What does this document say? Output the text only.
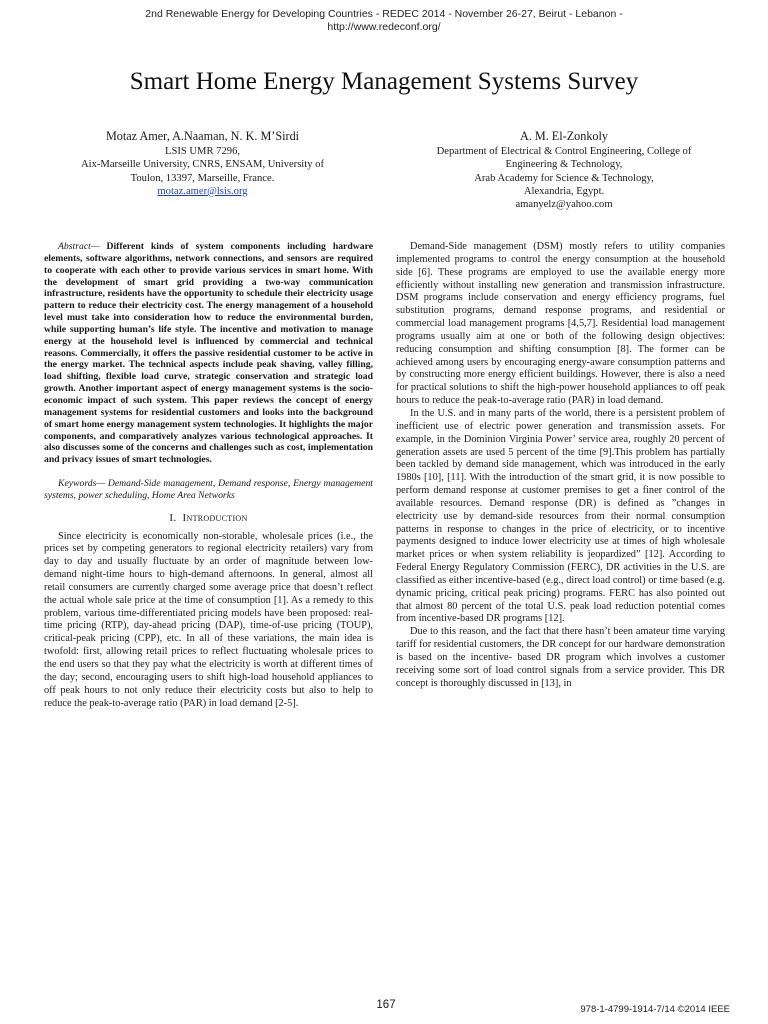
2nd Renewable Energy for Developing Countries - REDEC 2014 - November 26-27, Beirut - Lebanon -
http://www.redeconf.org/
Smart Home Energy Management Systems Survey
Motaz Amer, A.Naaman, N. K. M’Sirdi
LSIS UMR 7296,
Aix-Marseille University, CNRS, ENSAM, University of
Toulon, 13397, Marseille, France.
motaz.amer@lsis.org
A. M. El-Zonkoly
Department of Electrical & Control Engineering, College of
Engineering & Technology,
Arab Academy for Science & Technology,
Alexandria, Egypt.
amanyelz@yahoo.com

Abstract— Different kinds of system components including hardware elements, software algorithms, network connections, and sensors are required to cooperate with each other to provide various services in smart home. With the development of smart grid providing a two-way communication infrastructure, residents have the opportunity to schedule their electricity usage pattern to reduce their electricity cost. The energy management of a household level must take into consideration how to reduce the environmental burden, while supporting human’s life style. The incentive and motivation to manage energy at the household level is influenced by commercial and technical reasons. Commercially, it offers the passive residential customer to be active in the energy market. The technical aspects include peak shaving, valley filling, load shifting, flexible load curve, strategic conservation and strategic load growth. Another important aspect of energy management systems is the socio-economic impact of such system. This paper reviews the concept of energy management systems for residential customers and looks into the background of smart home energy management system technologies. It highlights the major components, and comparatively analyzes various technological approaches. It also discusses some of the concerns and challenges such as cost, implementation and privacy issues of smart technologies.

Keywords— Demand-Side management, Demand response, Energy management systems, power scheduling, Home Area Networks

I. Introduction

Since electricity is economically non-storable, wholesale prices (i.e., the prices set by competing generators to regional electricity retailers) vary from day to day and usually fluctuate by an order of magnitude between low-demand night-time hours to high-demand afternoons. In general, almost all retail consumers are currently charged some average price that doesn’t reflect the actual whole sale price at the time of consumption [1]. As a remedy to this problem, various time-differentiated pricing models have been proposed: real-time pricing (RTP), day-ahead pricing (DAP), time-of-use pricing (TOUP), critical-peak pricing (CPP), etc. In all of these variations, the main idea is twofold: first, allowing retail prices to reflect fluctuating wholesale prices to the end users so that they pay what the electricity is worth at different times of the day; second, encouraging users to shift high-load household appliances to off peak hours to not only reduce their electricity costs but also to help to reduce the peak-to-average ratio (PAR) in load demand [2-5].

Demand-Side management (DSM) mostly refers to utility companies implemented programs to control the energy consumption at the household side [6]. These programs are employed to use the available energy more efficiently without installing new generation and transmission infrastructure. DSM programs include conservation and energy efficiency programs, fuel substitution programs, demand response programs, and residential or commercial load management programs [4,5,7]. Residential load management programs usually aim at one or both of the following design objectives: reducing consumption and shifting consumption [8]. The former can be achieved among users by encouraging energy-aware consumption patterns and by constructing more energy efficient buildings. However, there is also a need for practical solutions to shift the high-power household appliances to off peak hours to reduce the peak-to-average ratio (PAR) in load demand.

In the U.S. and in many parts of the world, there is a persistent problem of inefficient use of electric power generation and transmission assets. For example, in the Dominion Virginia Power’ service area, roughly 20 percent of generation assets are used 5 percent of the time [9].This problem has partially been tackled by demand side management, which was introduced in the early 1980s [10], [11]. With the introduction of the smart grid, it is now possible to perform demand response at customer premises to get a finer control of the available resources. Demand response (DR) is defined as ”changes in electricity use by demand-side resources from their normal consumption patterns in response to changes in the price of electricity, or to incentive payments designed to induce lower electricity use at times of high wholesale market prices or when system reliability is jeopardized” [12]. According to Federal Energy Regulatory Commission (FERC), DR activities in the U.S. are classified as either incentive-based (e.g., direct load control) or time based (e.g. dynamic pricing, critical peak pricing) programs. FERC has also pointed out that almost 80 percent of the total U.S. peak load reduction potential comes from incentive-based DR programs [12].

Due to this reason, and the fact that there hasn’t been amateur time varying tariff for residential customers, the DR concept for our hardware demonstration is based on the incentive- based DR program which involves a customer receiving some sort of load control signals from a service provider. This DR concept is thoroughly discussed in [13], in

167	978-1-4799-1914-7/14 ©2014 IEEE
